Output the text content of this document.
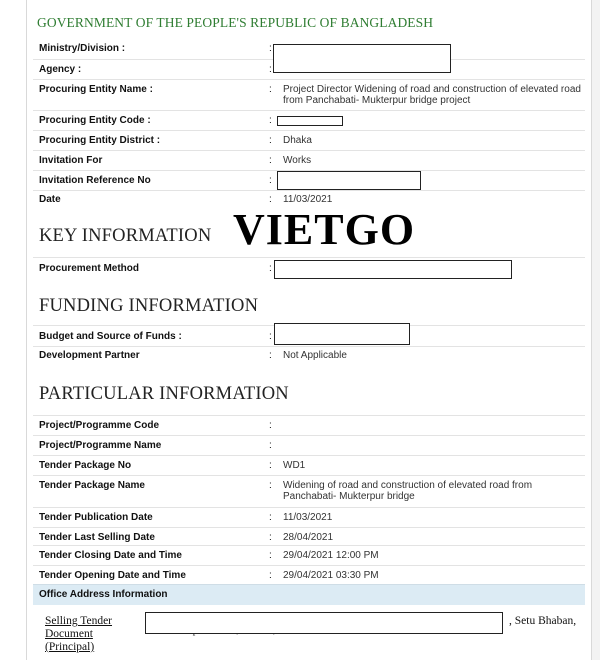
GOVERNMENT OF THE PEOPLE'S REPUBLIC OF BANGLADESH
Ministry/Division :	:
Agency :	:
Procuring Entity Name :	: Project Director Widening of road and construction of elevated road from Panchabati- Mukterpur bridge project
Procuring Entity Code :	:
Procuring Entity District :	: Dhaka
Invitation For	: Works
Invitation Reference No	:
Date	: 11/03/2021
VIETGO
KEY INFORMATION
Procurement Method	:
FUNDING INFORMATION
Budget and Source of Funds :	:
Development Partner	: Not Applicable
PARTICULAR INFORMATION
Project/Programme Code	:
Project/Programme Name	:
Tender Package No	: WD1
Tender Package Name	: Widening of road and construction of elevated road from Panchabati- Mukterpur bridge
Tender Publication Date	: 11/03/2021
Tender Last Selling Date	: 28/04/2021
Tender Closing Date and Time	: 29/04/2021 12:00 PM
Tender Opening Date and Time	: 29/04/2021 03:30 PM
Office Address Information
Selling Tender Document (Principal)
, Setu Bhaban,
